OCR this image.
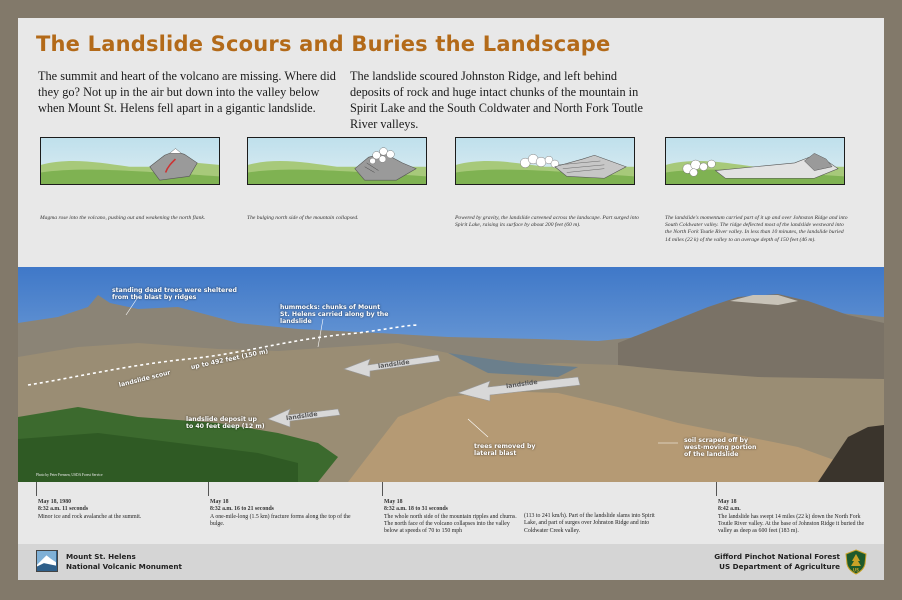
The Landslide Scours and Buries the Landscape

The summit and heart of the volcano are missing. Where did they go? Not up in the air but down into the valley below when Mount St. Helens fell apart in a gigantic landslide.

The landslide scoured Johnston Ridge, and left behind deposits of rock and huge intact chunks of the mountain in Spirit Lake and the South Coldwater and North Fork Toutle River valleys.

Magma rose into the volcano, pushing out and weakening the north flank.	The bulging north side of the mountain collapsed.	Powered by gravity, the landslide careened across the landscape. Part surged into Spirit Lake, raising its surface by about 200 feet (60 m).

The landslide's momentum carried part of it up and over Johnston Ridge and into South Coldwater valley. The ridge deflected most of the landslide westward into the North Fork Toutle River valley. In less than 10 minutes, the landslide buried 14 miles (22 k) of the valley to an average depth of 150 feet (46 m).

standing dead trees were sheltered from the blast by ridges
hummocks: chunks of Mount St. Helens carried along by the landslide
up to 492 feet (150 m)
landslide scour
landslide
landslide
landslide
landslide deposit up to 40 feet deep (12 m)
trees removed by lateral blast
soil scraped off by west-moving portion of the landslide
Photo by Peter Frenzen, USDA Forest Service
May 18, 1980
8:32 a.m. 11 seconds
Minor ice and rock avalanche at the summit.
May 18
8:32 a.m. 16 to 21 seconds
A one-mile-long (1.5 km) fracture forms along the top of the bulge.
May 18
8:32 a.m. 18 to 31 seconds
The whole north side of the mountain ripples and churns. The north face of the volcano collapses into the valley below at speeds of 70 to 150 mph
(113 to 241 km/h). Part of the landslide slams into Spirit Lake, and part of surges over Johnston Ridge and into Coldwater Creek valley.
May 18
8:42 a.m.
The landslide has swept 14 miles (22 k) down the North Fork Toutle River valley. At the base of Johnston Ridge it buried the valley as deep as 600 feet (183 m).
Mount St. Helens
National Volcanic Monument
Gifford Pinchot National Forest
US Department of Agriculture	US
